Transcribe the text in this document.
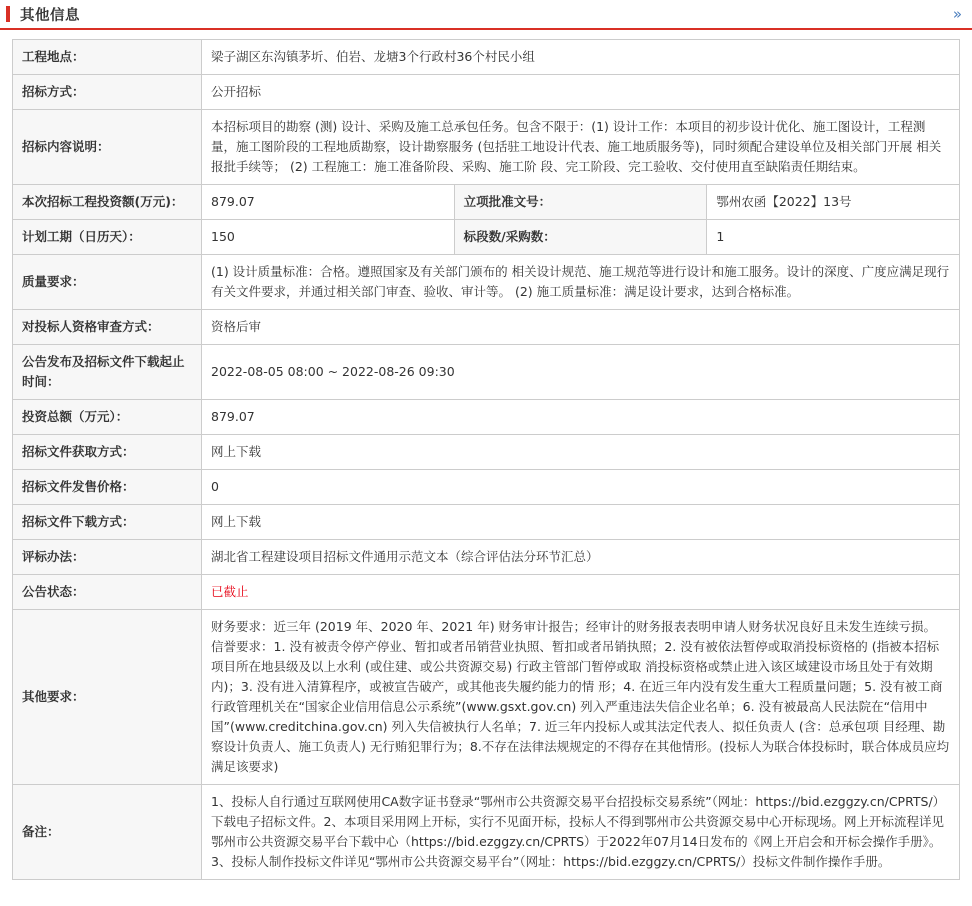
其他信息	»
工程地点：	梁子湖区东沟镇茅圻、伯岩、龙塘3个行政村36个村民小组		
招标方式：	公开招标		
招标内容说明：	本招标项目的勘察 (测) 设计、采购及施工总承包任务。包含不限于：(1) 设计工作：本项目的初步设计优化、施工图设计，工程测量，施工图阶段的工程地质勘察，设计勘察服务 (包括驻工地设计代表、施工地质服务等)，同时须配合建设单位及相关部门开展 相关报批手续等； (2) 工程施工：施工准备阶段、采购、施工阶 段、完工阶段、完工验收、交付使用直至缺陷责任期结束。		
本次招标工程投资额(万元)：	879.07	立项批准文号：	鄂州农函【2022】13号
计划工期（日历天）：	150	标段数/采购数：	1
质量要求：	(1) 设计质量标准：合格。遵照国家及有关部门颁布的 相关设计规范、施工规范等进行设计和施工服务。设计的深度、广度应满足现行有关文件要求，并通过相关部门审查、验收、审计等。 (2) 施工质量标准：满足设计要求，达到合格标准。		
对投标人资格审查方式：	资格后审		
公告发布及招标文件下载起止时间：	2022-08-05 08:00 ~ 2022-08-26 09:30		
投资总额（万元）：	879.07		
招标文件获取方式：	网上下载		
招标文件发售价格：	0		
招标文件下载方式：	网上下载		
评标办法：	湖北省工程建设项目招标文件通用示范文本（综合评估法分环节汇总）		
公告状态：	已截止		
其他要求：	财务要求：近三年 (2019 年、2020 年、2021 年) 财务审计报告；经审计的财务报表表明申请人财务状况良好且未发生连续亏损。 信誉要求：1. 没有被责令停产停业、暂扣或者吊销营业执照、暂扣或者吊销执照；2. 没有被依法暂停或取消投标资格的 (指被本招标项目所在地县级及以上水利 (或住建、或公共资源交易) 行政主管部门暂停或取 消投标资格或禁止进入该区域建设市场且处于有效期内)；3. 没有进入清算程序，或被宣告破产，或其他丧失履约能力的情 形；4. 在近三年内没有发生重大工程质量问题；5. 没有被工商行政管理机关在“国家企业信用信息公示系统”(www.gsxt.gov.cn) 列入严重违法失信企业名单；6. 没有被最高人民法院在“信用中国”(www.creditchina.gov.cn) 列入失信被执行人名单；7. 近三年内投标人或其法定代表人、拟任负责人 (含：总承包项 目经理、勘察设计负责人、施工负责人) 无行贿犯罪行为；8.不存在法律法规规定的不得存在其他情形。(投标人为联合体投标时，联合体成员应均满足该要求)		
备注：	1、投标人自行通过互联网使用CA数字证书登录“鄂州市公共资源交易平台招投标交易系统”（网址：https://bid.ezggzy.cn/CPRTS/）下载电子招标文件。2、本项目采用网上开标，实行不见面开标，投标人不得到鄂州市公共资源交易中心开标现场。网上开标流程详见鄂州市公共资源交易平台下载中心（https://bid.ezggzy.cn/CPRTS）于2022年07月14日发布的《网上开启会和开标会操作手册》。3、投标人制作投标文件详见“鄂州市公共资源交易平台”（网址：https://bid.ezggzy.cn/CPRTS/）投标文件制作操作手册。		
